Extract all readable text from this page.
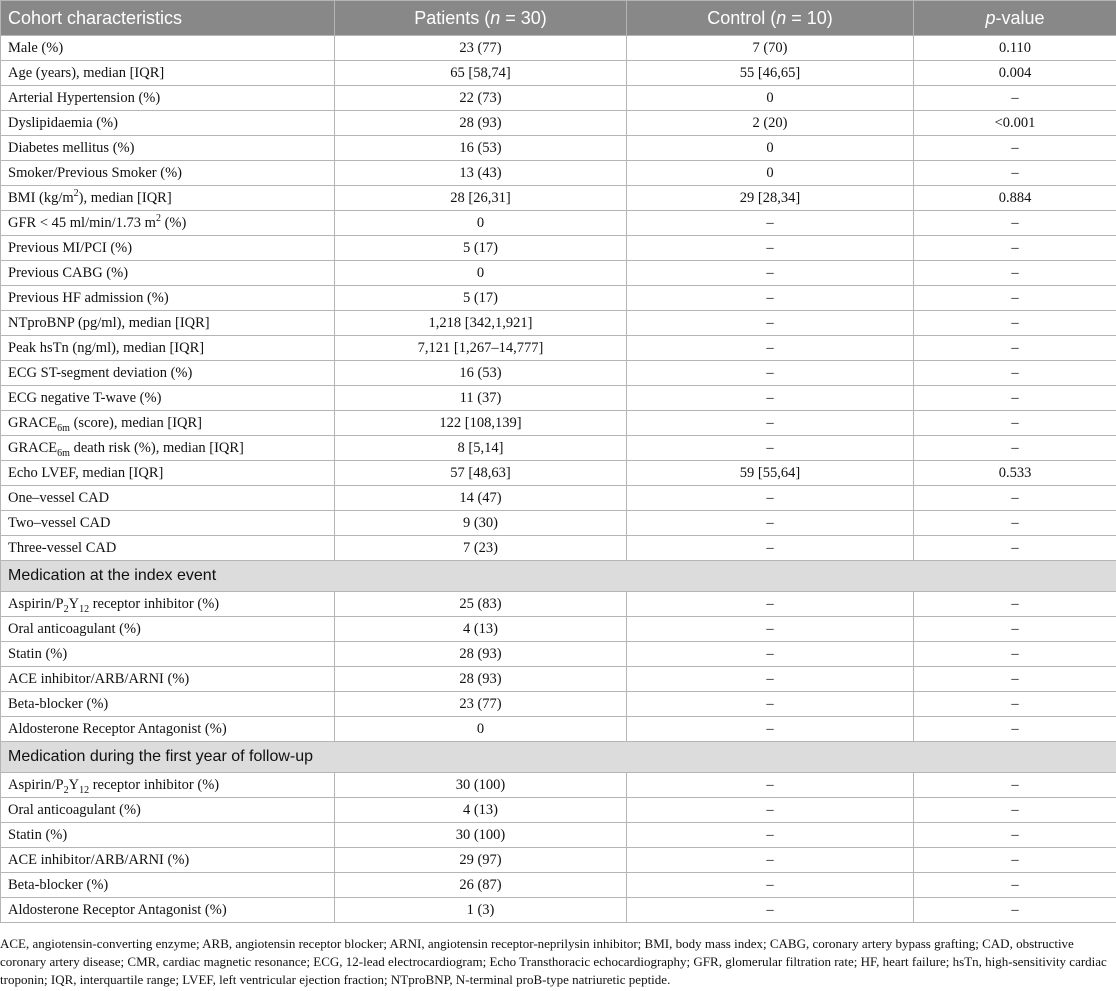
Cohort characteristics	Patients (n = 30)	Control (n = 10)	p-value
Male (%)	23 (77)	7 (70)	0.110
Age (years), median [IQR]	65 [58,74]	55 [46,65]	0.004
Arterial Hypertension (%)	22 (73)	0	–
Dyslipidaemia (%)	28 (93)	2 (20)	<0.001
Diabetes mellitus (%)	16 (53)	0	–
Smoker/Previous Smoker (%)	13 (43)	0	–
BMI $(kg/m^2)$, median [IQR]	28 [26,31]	29 [28,34]	0.884
GFR < 45 ml/min/1.73 $m^2$ (%)	0	–	–
Previous MI/PCI (%)	5 (17)	–	–
Previous CABG (%)	0	–	–
Previous HF admission (%)	5 (17)	–	–
NTproBNP (pg/ml), median [IQR]	1,218 [342,1,921]	–	–
Peak hsTn (ng/ml), median [IQR]	7,121 [1,267–14,777]	–	–
ECG ST-segment deviation (%)	16 (53)	–	–
ECG negative T-wave (%)	11 (37)	–	–
$GRACE_{6m}$ (score), median [IQR]	122 [108,139]	–	–
$GRACE_{6m}$ death risk (%), median [IQR]	8 [5,14]	–	–
Echo LVEF, median [IQR]	57 [48,63]	59 [55,64]	0.533
One–vessel CAD	14 (47)	–	–
Two–vessel CAD	9 (30)	–	–
Three-vessel CAD	7 (23)	–	–
Medication at the index event			
Aspirin/$P_2Y_{12}$ receptor inhibitor (%)	25 (83)	–	–
Oral anticoagulant (%)	4 (13)	–	–
Statin (%)	28 (93)	–	–
ACE inhibitor/ARB/ARNI (%)	28 (93)	–	–
Beta-blocker (%)	23 (77)	–	–
Aldosterone Receptor Antagonist (%)	0	–	–
Medication during the first year of follow-up			
Aspirin/$P_2Y_{12}$ receptor inhibitor (%)	30 (100)	–	–
Oral anticoagulant (%)	4 (13)	–	–
Statin (%)	30 (100)	–	–
ACE inhibitor/ARB/ARNI (%)	29 (97)	–	–
Beta-blocker (%)	26 (87)	–	–
Aldosterone Receptor Antagonist (%)	1 (3)	–	–

ACE, angiotensin-converting enzyme; ARB, angiotensin receptor blocker; ARNI, angiotensin receptor-neprilysin inhibitor; BMI, body mass index; CABG, coronary artery bypass grafting; CAD, obstructive coronary artery disease; CMR, cardiac magnetic resonance; ECG, 12-lead electrocardiogram; Echo Transthoracic echocardiography; GFR, glomerular filtration rate; HF, heart failure; hsTn, high-sensitivity cardiac troponin; IQR, interquartile range; LVEF, left ventricular ejection fraction; NTproBNP, N-terminal proB-type natriuretic peptide.
